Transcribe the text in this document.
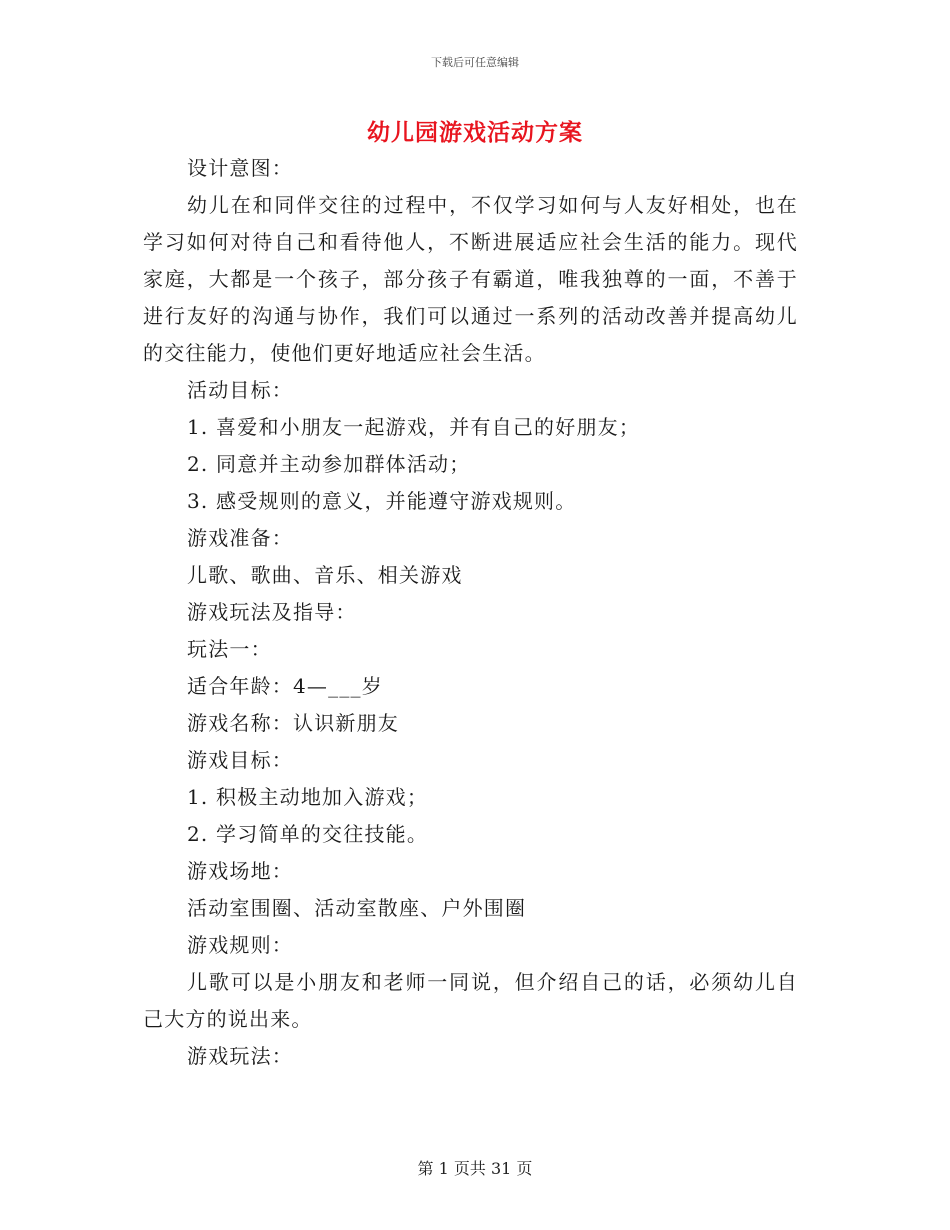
下载后可任意编辑
幼儿园游戏活动方案
设计意图：
幼儿在和同伴交往的过程中，不仅学习如何与人友好相处，也在学习如何对待自己和看待他人，不断进展适应社会生活的能力。现代家庭，大都是一个孩子，部分孩子有霸道，唯我独尊的一面，不善于进行友好的沟通与协作，我们可以通过一系列的活动改善并提高幼儿的交往能力，使他们更好地适应社会生活。
活动目标：
1. 喜爱和小朋友一起游戏，并有自己的好朋友；
2. 同意并主动参加群体活动；
3. 感受规则的意义，并能遵守游戏规则。
游戏准备：
儿歌、歌曲、音乐、相关游戏
游戏玩法及指导：
玩法一：
适合年龄：4—___岁
游戏名称：认识新朋友
游戏目标：
1. 积极主动地加入游戏；
2. 学习简单的交往技能。
游戏场地：
活动室围圈、活动室散座、户外围圈
游戏规则：
儿歌可以是小朋友和老师一同说，但介绍自己的话，必须幼儿自己大方的说出来。
游戏玩法：
第 1 页共 31 页
